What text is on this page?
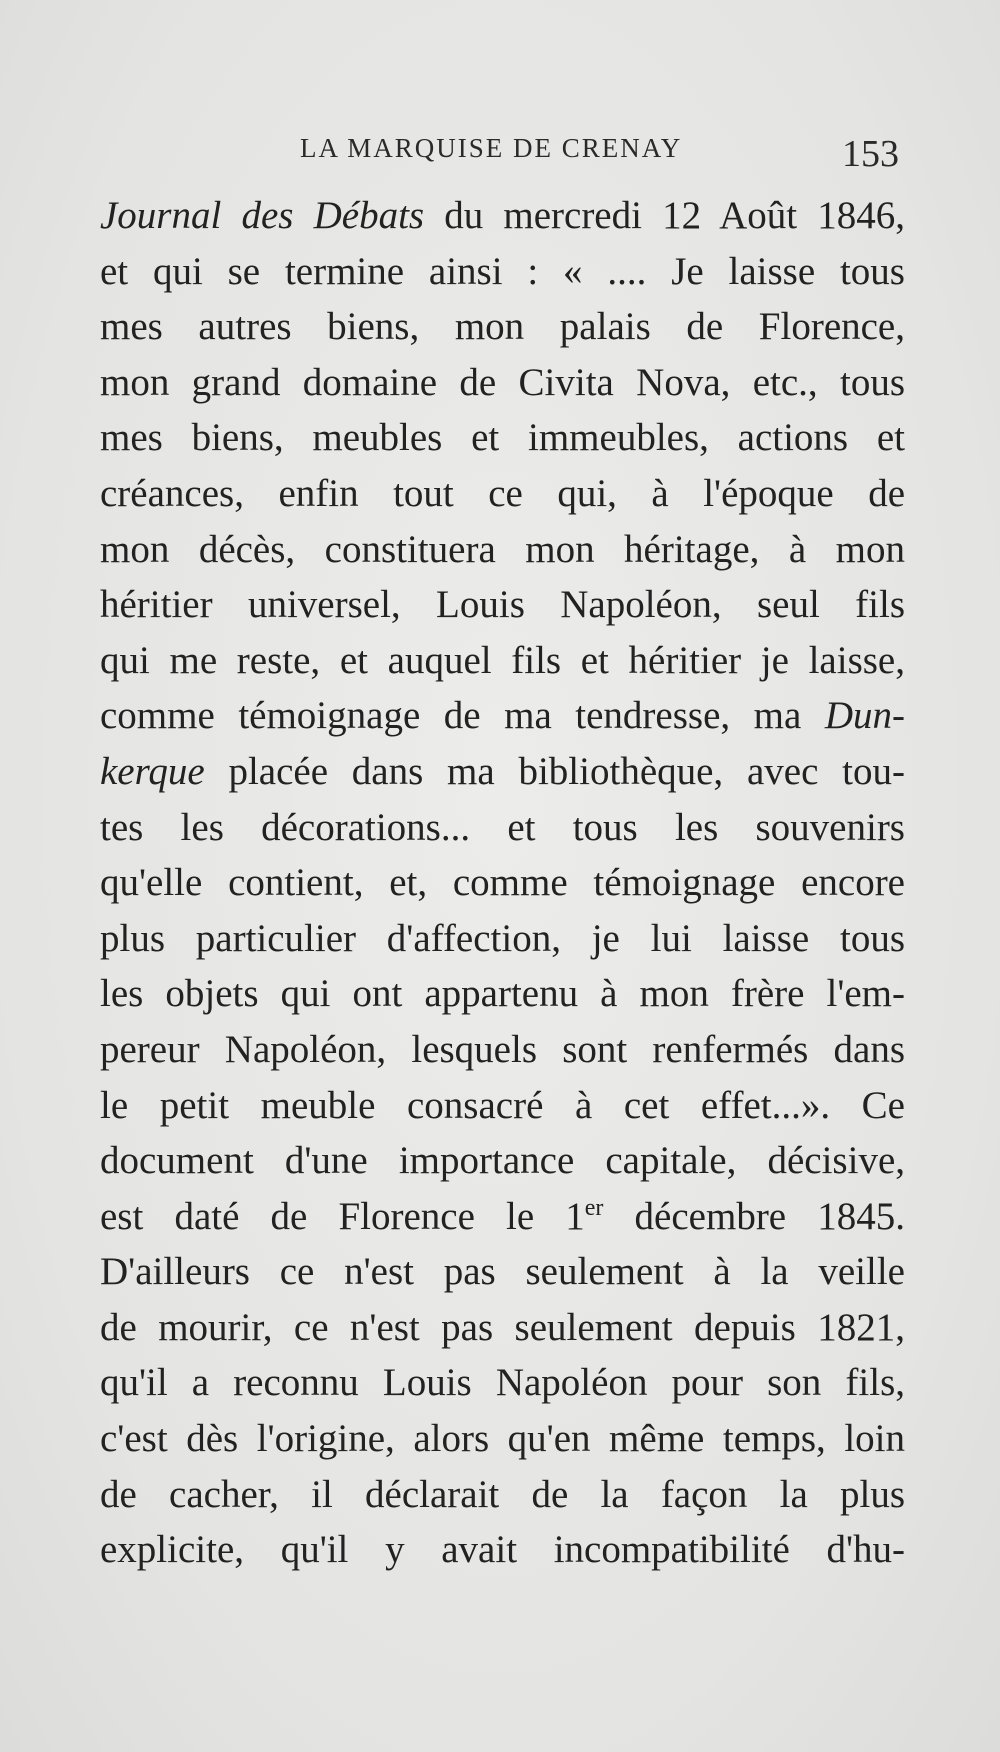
LA MARQUISE DE CRENAY	153
Journal des Débats du mercredi 12 Août 1846,
et qui se termine ainsi : « .... Je laisse tous
mes autres biens, mon palais de Florence,
mon grand domaine de Civita Nova, etc., tous
mes biens, meubles et immeubles, actions et
créances, enfin tout ce qui, à l'époque de
mon décès, constituera mon héritage, à mon
héritier universel, Louis Napoléon, seul fils
qui me reste, et auquel fils et héritier je laisse,
comme témoignage de ma tendresse, ma Dun-
kerque placée dans ma bibliothèque, avec tou-
tes les décorations... et tous les souvenirs
qu'elle contient, et, comme témoignage encore
plus particulier d'affection, je lui laisse tous
les objets qui ont appartenu à mon frère l'em-
pereur Napoléon, lesquels sont renfermés dans
le petit meuble consacré à cet effet...». Ce
document d'une importance capitale, décisive,
est daté de Florence le 1er décembre 1845.
D'ailleurs ce n'est pas seulement à la veille
de mourir, ce n'est pas seulement depuis 1821,
qu'il a reconnu Louis Napoléon pour son fils,
c'est dès l'origine, alors qu'en même temps, loin
de cacher, il déclarait de la façon la plus
explicite, qu'il y avait incompatibilité d'hu-
